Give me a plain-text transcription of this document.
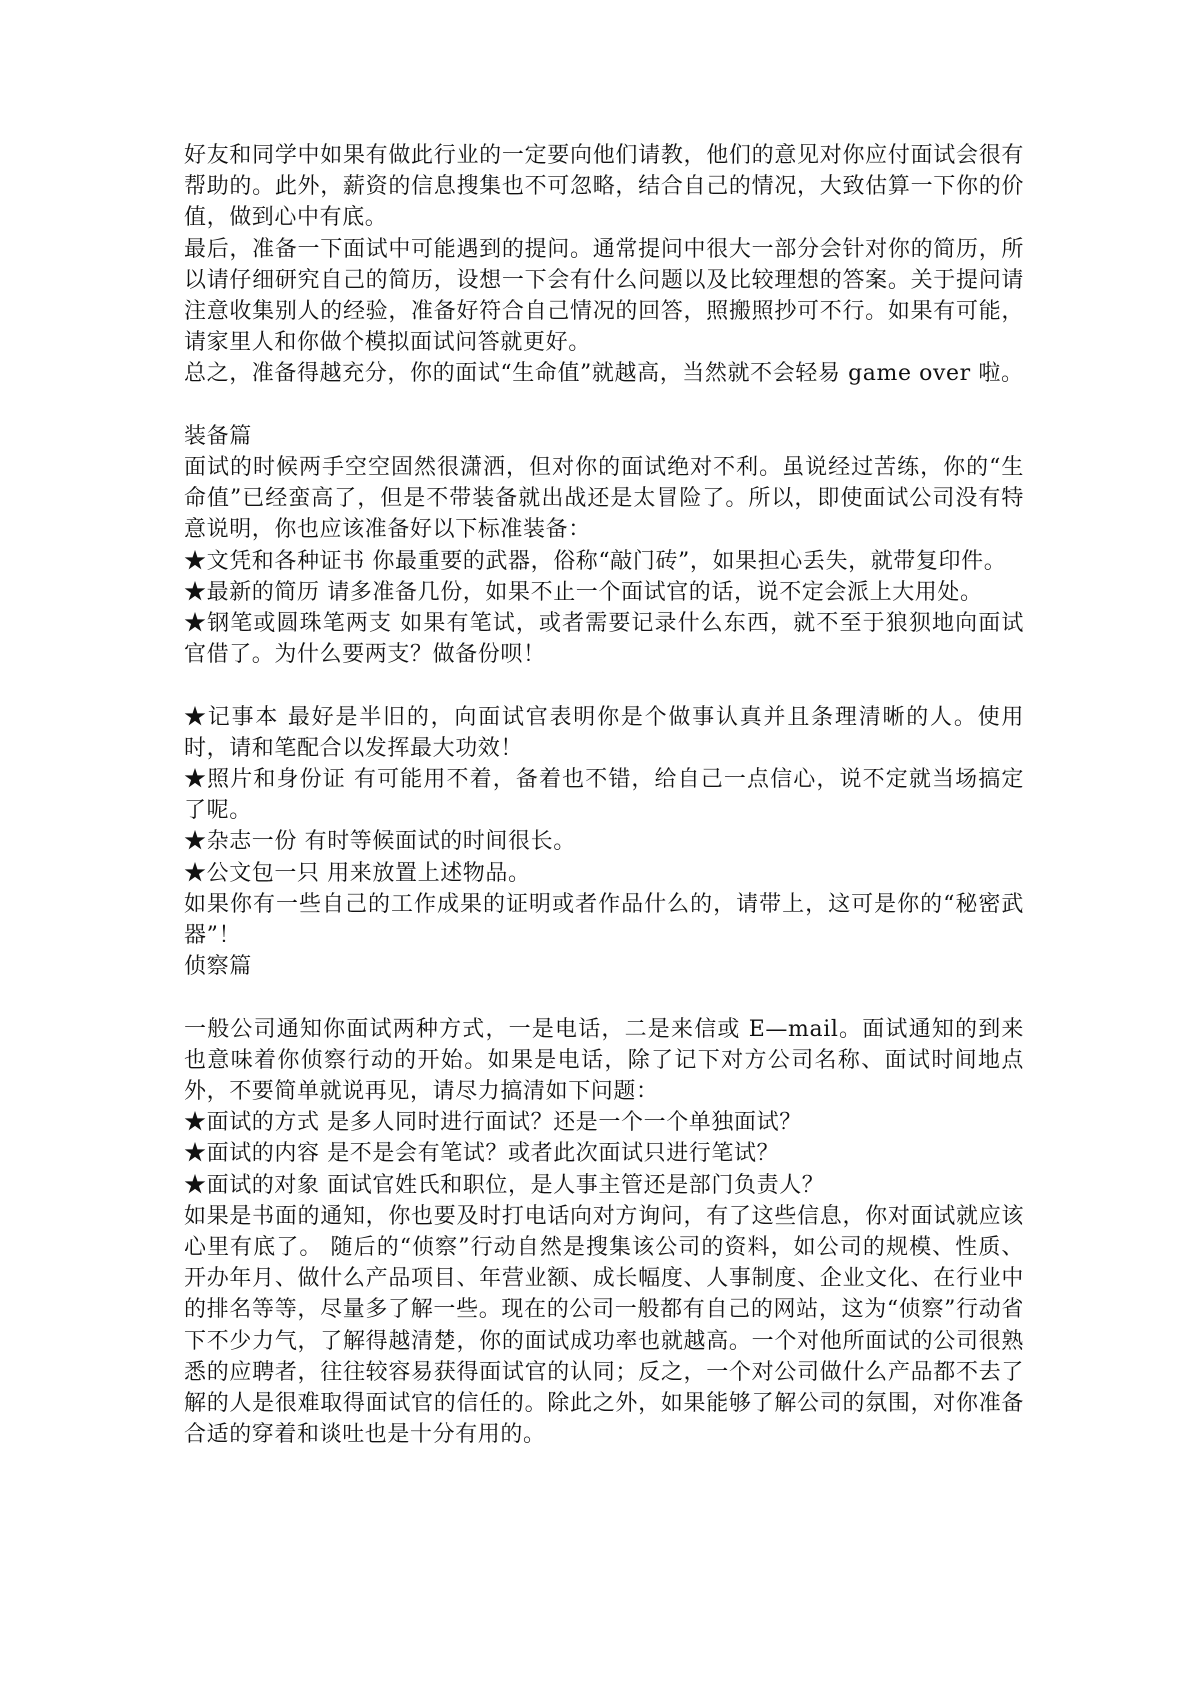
好友和同学中如果有做此行业的一定要向他们请教，他们的意见对你应付面试会很有帮助的。此外，薪资的信息搜集也不可忽略，结合自己的情况，大致估算一下你的价值，做到心中有底。

最后，准备一下面试中可能遇到的提问。通常提问中很大一部分会针对你的简历，所以请仔细研究自己的简历，设想一下会有什么问题以及比较理想的答案。关于提问请注意收集别人的经验，准备好符合自己情况的回答，照搬照抄可不行。如果有可能，请家里人和你做个模拟面试问答就更好。

总之，准备得越充分，你的面试“生命值”就越高，当然就不会轻易 game over 啦。

装备篇

面试的时候两手空空固然很潇洒，但对你的面试绝对不利。虽说经过苦练，你的“生命值”已经蛮高了，但是不带装备就出战还是太冒险了。所以，即使面试公司没有特意说明，你也应该准备好以下标准装备：

★文凭和各种证书 你最重要的武器，俗称“敲门砖”，如果担心丢失，就带复印件。

★最新的简历 请多准备几份，如果不止一个面试官的话，说不定会派上大用处。

★钢笔或圆珠笔两支 如果有笔试，或者需要记录什么东西，就不至于狼狈地向面试官借了。为什么要两支？做备份呗！

★记事本 最好是半旧的，向面试官表明你是个做事认真并且条理清晰的人。使用时，请和笔配合以发挥最大功效！

★照片和身份证 有可能用不着，备着也不错，给自己一点信心，说不定就当场搞定了呢。

★杂志一份 有时等候面试的时间很长。

★公文包一只 用来放置上述物品。

如果你有一些自己的工作成果的证明或者作品什么的，请带上，这可是你的“秘密武器”！

侦察篇

一般公司通知你面试两种方式，一是电话，二是来信或 E—mail。面试通知的到来也意味着你侦察行动的开始。如果是电话，除了记下对方公司名称、面试时间地点外，不要简单就说再见，请尽力搞清如下问题：

★面试的方式 是多人同时进行面试？还是一个一个单独面试？

★面试的内容 是不是会有笔试？或者此次面试只进行笔试？

★面试的对象 面试官姓氏和职位，是人事主管还是部门负责人？

如果是书面的通知，你也要及时打电话向对方询问，有了这些信息，你对面试就应该心里有底了。 随后的“侦察”行动自然是搜集该公司的资料，如公司的规模、性质、开办年月、做什么产品项目、年营业额、成长幅度、人事制度、企业文化、在行业中的排名等等，尽量多了解一些。现在的公司一般都有自己的网站，这为“侦察”行动省下不少力气，了解得越清楚，你的面试成功率也就越高。一个对他所面试的公司很熟悉的应聘者，往往较容易获得面试官的认同；反之，一个对公司做什么产品都不去了解的人是很难取得面试官的信任的。除此之外，如果能够了解公司的氛围，对你准备合适的穿着和谈吐也是十分有用的。
